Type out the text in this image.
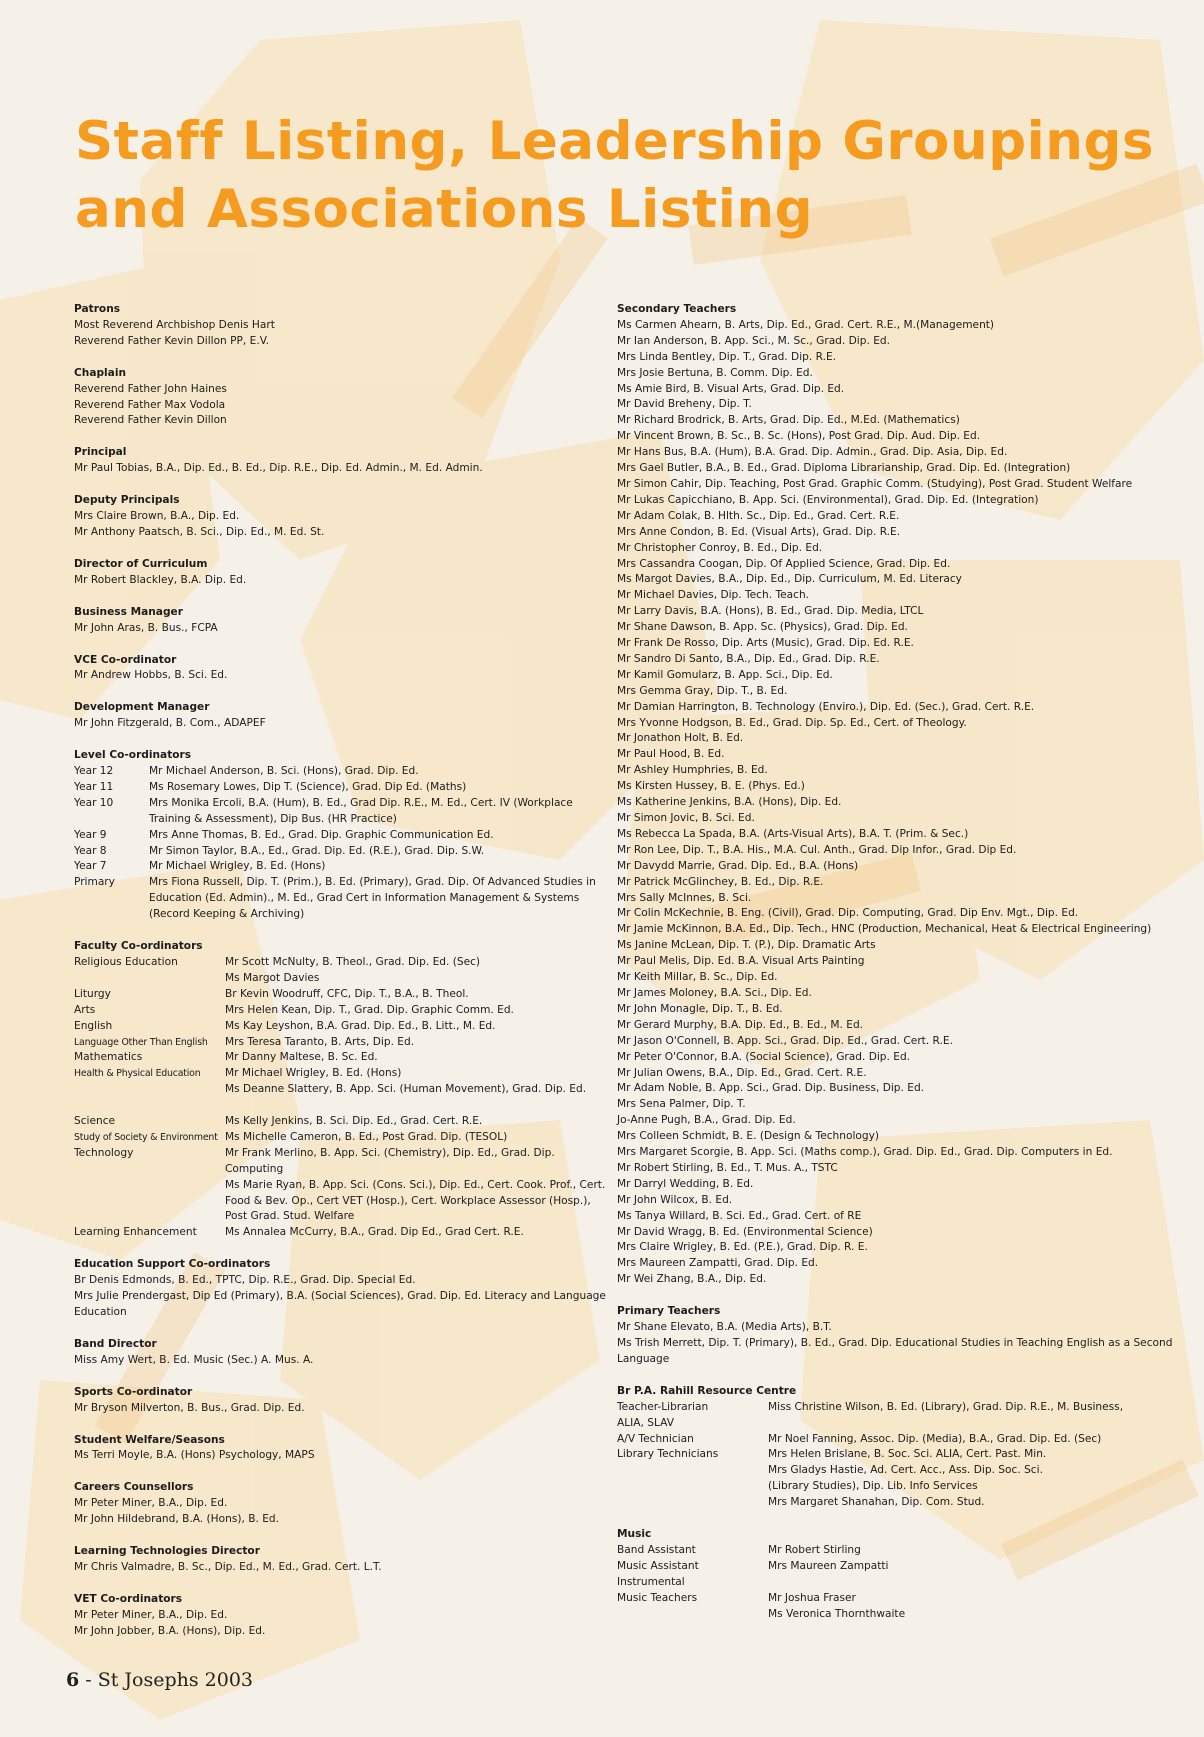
Staff Listing, Leadership Groupings
and Associations Listing
Patrons
Most Reverend Archbishop Denis Hart
Reverend Father Kevin Dillon PP, E.V.
Chaplain
Reverend Father John Haines
Reverend Father Max Vodola
Reverend Father Kevin Dillon
Principal
Mr Paul Tobias, B.A., Dip. Ed., B. Ed., Dip. R.E., Dip. Ed. Admin., M. Ed. Admin.
Deputy Principals
Mrs Claire Brown, B.A., Dip. Ed.
Mr Anthony Paatsch, B. Sci., Dip. Ed., M. Ed. St.
Director of Curriculum
Mr Robert Blackley, B.A. Dip. Ed.
Business Manager
Mr John Aras, B. Bus., FCPA
VCE Co-ordinator
Mr Andrew Hobbs, B. Sci. Ed.
Development Manager
Mr John Fitzgerald, B. Com., ADAPEF
Level Co-ordinators
Year 12	Mr Michael Anderson, B. Sci. (Hons), Grad. Dip. Ed.
Year 11	Ms Rosemary Lowes, Dip T. (Science), Grad. Dip Ed. (Maths)
Year 10	Mrs Monika Ercoli, B.A. (Hum), B. Ed., Grad Dip. R.E., M. Ed., Cert. IV (Workplace Training & Assessment), Dip Bus. (HR Practice)
Year 9	Mrs Anne Thomas, B. Ed., Grad. Dip. Graphic Communication Ed.
Year 8	Mr Simon Taylor, B.A., Ed., Grad. Dip. Ed. (R.E.), Grad. Dip. S.W.
Year 7	Mr Michael Wrigley, B. Ed. (Hons)
Primary	Mrs Fiona Russell, Dip. T. (Prim.), B. Ed. (Primary), Grad. Dip. Of Advanced Studies in Education (Ed. Admin)., M. Ed., Grad Cert in Information Management & Systems (Record Keeping & Archiving)
Faculty Co-ordinators
Religious Education	Mr Scott McNulty, B. Theol., Grad. Dip. Ed. (Sec)
Ms Margot Davies
Liturgy	Br Kevin Woodruff, CFC, Dip. T., B.A., B. Theol.
Arts	Mrs Helen Kean, Dip. T., Grad. Dip. Graphic Comm. Ed.
English	Ms Kay Leyshon, B.A. Grad. Dip. Ed., B. Litt., M. Ed.
Language Other Than English	Mrs Teresa Taranto, B. Arts, Dip. Ed.
Mathematics	Mr Danny Maltese, B. Sc. Ed.
Health & Physical Education	Mr Michael Wrigley, B. Ed. (Hons)
Ms Deanne Slattery, B. App. Sci. (Human Movement), Grad. Dip. Ed.
Science	Ms Kelly Jenkins, B. Sci. Dip. Ed., Grad. Cert. R.E.
Study of Society & Environment Ms Michelle Cameron, B. Ed., Post Grad. Dip. (TESOL)
Technology	Mr Frank Merlino, B. App. Sci. (Chemistry), Dip. Ed., Grad. Dip. Computing
Ms Marie Ryan, B. App. Sci. (Cons. Sci.), Dip. Ed., Cert. Cook. Prof., Cert. Food & Bev. Op., Cert VET (Hosp.), Cert. Workplace Assessor (Hosp.), Post Grad. Stud. Welfare
Learning Enhancement	Ms Annalea McCurry, B.A., Grad. Dip Ed., Grad Cert. R.E.
Education Support Co-ordinators
Br Denis Edmonds, B. Ed., TPTC, Dip. R.E., Grad. Dip. Special Ed.
Mrs Julie Prendergast, Dip Ed (Primary), B.A. (Social Sciences), Grad. Dip. Ed. Literacy and Language Education
Band Director
Miss Amy Wert, B. Ed. Music (Sec.) A. Mus. A.
Sports Co-ordinator
Mr Bryson Milverton, B. Bus., Grad. Dip. Ed.
Student Welfare/Seasons
Ms Terri Moyle, B.A. (Hons) Psychology, MAPS
Careers Counsellors
Mr Peter Miner, B.A., Dip. Ed.
Mr John Hildebrand, B.A. (Hons), B. Ed.
Learning Technologies Director
Mr Chris Valmadre, B. Sc., Dip. Ed., M. Ed., Grad. Cert. L.T.
VET Co-ordinators
Mr Peter Miner, B.A., Dip. Ed.
Mr John Jobber, B.A. (Hons), Dip. Ed.
Secondary Teachers
Ms Carmen Ahearn, B. Arts, Dip. Ed., Grad. Cert. R.E., M.(Management)
Mr Ian Anderson, B. App. Sci., M. Sc., Grad. Dip. Ed.
Mrs Linda Bentley, Dip. T., Grad. Dip. R.E.
Mrs Josie Bertuna, B. Comm. Dip. Ed.
Ms Amie Bird, B. Visual Arts, Grad. Dip. Ed.
Mr David Breheny, Dip. T.
Mr Richard Brodrick, B. Arts, Grad. Dip. Ed., M.Ed. (Mathematics)
Mr Vincent Brown, B. Sc., B. Sc. (Hons), Post Grad. Dip. Aud. Dip. Ed.
Mr Hans Bus, B.A. (Hum), B.A. Grad. Dip. Admin., Grad. Dip. Asia, Dip. Ed.
Mrs Gael Butler, B.A., B. Ed., Grad. Diploma Librarianship, Grad. Dip. Ed. (Integration)
Mr Simon Cahir, Dip. Teaching, Post Grad. Graphic Comm. (Studying), Post Grad. Student Welfare
Mr Lukas Capicchiano, B. App. Sci. (Environmental), Grad. Dip. Ed. (Integration)
Mr Adam Colak, B. Hlth. Sc., Dip. Ed., Grad. Cert. R.E.
Mrs Anne Condon, B. Ed. (Visual Arts), Grad. Dip. R.E.
Mr Christopher Conroy, B. Ed., Dip. Ed.
Mrs Cassandra Coogan, Dip. Of Applied Science, Grad. Dip. Ed.
Ms Margot Davies, B.A., Dip. Ed., Dip. Curriculum, M. Ed. Literacy
Mr Michael Davies, Dip. Tech. Teach.
Mr Larry Davis, B.A. (Hons), B. Ed., Grad. Dip. Media, LTCL
Mr Shane Dawson, B. App. Sc. (Physics), Grad. Dip. Ed.
Mr Frank De Rosso, Dip. Arts (Music), Grad. Dip. Ed. R.E.
Mr Sandro Di Santo, B.A., Dip. Ed., Grad. Dip. R.E.
Mr Kamil Gomularz, B. App. Sci., Dip. Ed.
Mrs Gemma Gray, Dip. T., B. Ed.
Mr Damian Harrington, B. Technology (Enviro.), Dip. Ed. (Sec.), Grad. Cert. R.E.
Mrs Yvonne Hodgson, B. Ed., Grad. Dip. Sp. Ed., Cert. of Theology.
Mr Jonathon Holt, B. Ed.
Mr Paul Hood, B. Ed.
Mr Ashley Humphries, B. Ed.
Ms Kirsten Hussey, B. E. (Phys. Ed.)
Ms Katherine Jenkins, B.A. (Hons), Dip. Ed.
Mr Simon Jovic, B. Sci. Ed.
Ms Rebecca La Spada, B.A. (Arts-Visual Arts), B.A. T. (Prim. & Sec.)
Mr Ron Lee, Dip. T., B.A. His., M.A. Cul. Anth., Grad. Dip Infor., Grad. Dip Ed.
Mr Davydd Marrie, Grad. Dip. Ed., B.A. (Hons)
Mr Patrick McGlinchey, B. Ed., Dip. R.E.
Mrs Sally McInnes, B. Sci.
Mr Colin McKechnie, B. Eng. (Civil), Grad. Dip. Computing, Grad. Dip Env. Mgt., Dip. Ed.
Mr Jamie McKinnon, B.A. Ed., Dip. Tech., HNC (Production, Mechanical, Heat & Electrical Engineering)
Ms Janine McLean, Dip. T. (P.), Dip. Dramatic Arts
Mr Paul Melis, Dip. Ed. B.A. Visual Arts Painting
Mr Keith Millar, B. Sc., Dip. Ed.
Mr James Moloney, B.A. Sci., Dip. Ed.
Mr John Monagle, Dip. T., B. Ed.
Mr Gerard Murphy, B.A. Dip. Ed., B. Ed., M. Ed.
Mr Jason O'Connell, B. App. Sci., Grad. Dip. Ed., Grad. Cert. R.E.
Mr Peter O'Connor, B.A. (Social Science), Grad. Dip. Ed.
Mr Julian Owens, B.A., Dip. Ed., Grad. Cert. R.E.
Mr Adam Noble, B. App. Sci., Grad. Dip. Business, Dip. Ed.
Mrs Sena Palmer, Dip. T.
Jo-Anne Pugh, B.A., Grad. Dip. Ed.
Mrs Colleen Schmidt, B. E. (Design & Technology)
Mrs Margaret Scorgie, B. App. Sci. (Maths comp.), Grad. Dip. Ed., Grad. Dip. Computers in Ed.
Mr Robert Stirling, B. Ed., T. Mus. A., TSTC
Mr Darryl Wedding, B. Ed.
Mr John Wilcox, B. Ed.
Ms Tanya Willard, B. Sci. Ed., Grad. Cert. of RE
Mr David Wragg, B. Ed. (Environmental Science)
Mrs Claire Wrigley, B. Ed. (P.E.), Grad. Dip. R. E.
Mrs Maureen Zampatti, Grad. Dip. Ed.
Mr Wei Zhang, B.A., Dip. Ed.
Primary Teachers
Mr Shane Elevato, B.A. (Media Arts), B.T.
Ms Trish Merrett, Dip. T. (Primary), B. Ed., Grad. Dip. Educational Studies in Teaching English as a Second Language
Br P.A. Rahill Resource Centre
Teacher-Librarian	Miss Christine Wilson, B. Ed. (Library), Grad. Dip. R.E., M. Business,
ALIA, SLAV
A/V Technician	Mr Noel Fanning, Assoc. Dip. (Media), B.A., Grad. Dip. Ed. (Sec)
Library Technicians	Mrs Helen Brislane, B. Soc. Sci. ALIA, Cert. Past. Min.
Mrs Gladys Hastie, Ad. Cert. Acc., Ass. Dip. Soc. Sci.
(Library Studies), Dip. Lib. Info Services
Mrs Margaret Shanahan, Dip. Com. Stud.
Music
Band Assistant	Mr Robert Stirling
Music Assistant	Mrs Maureen Zampatti
Instrumental
Music Teachers	Mr Joshua Fraser
Ms Veronica Thornthwaite
6 - St Josephs 2003
